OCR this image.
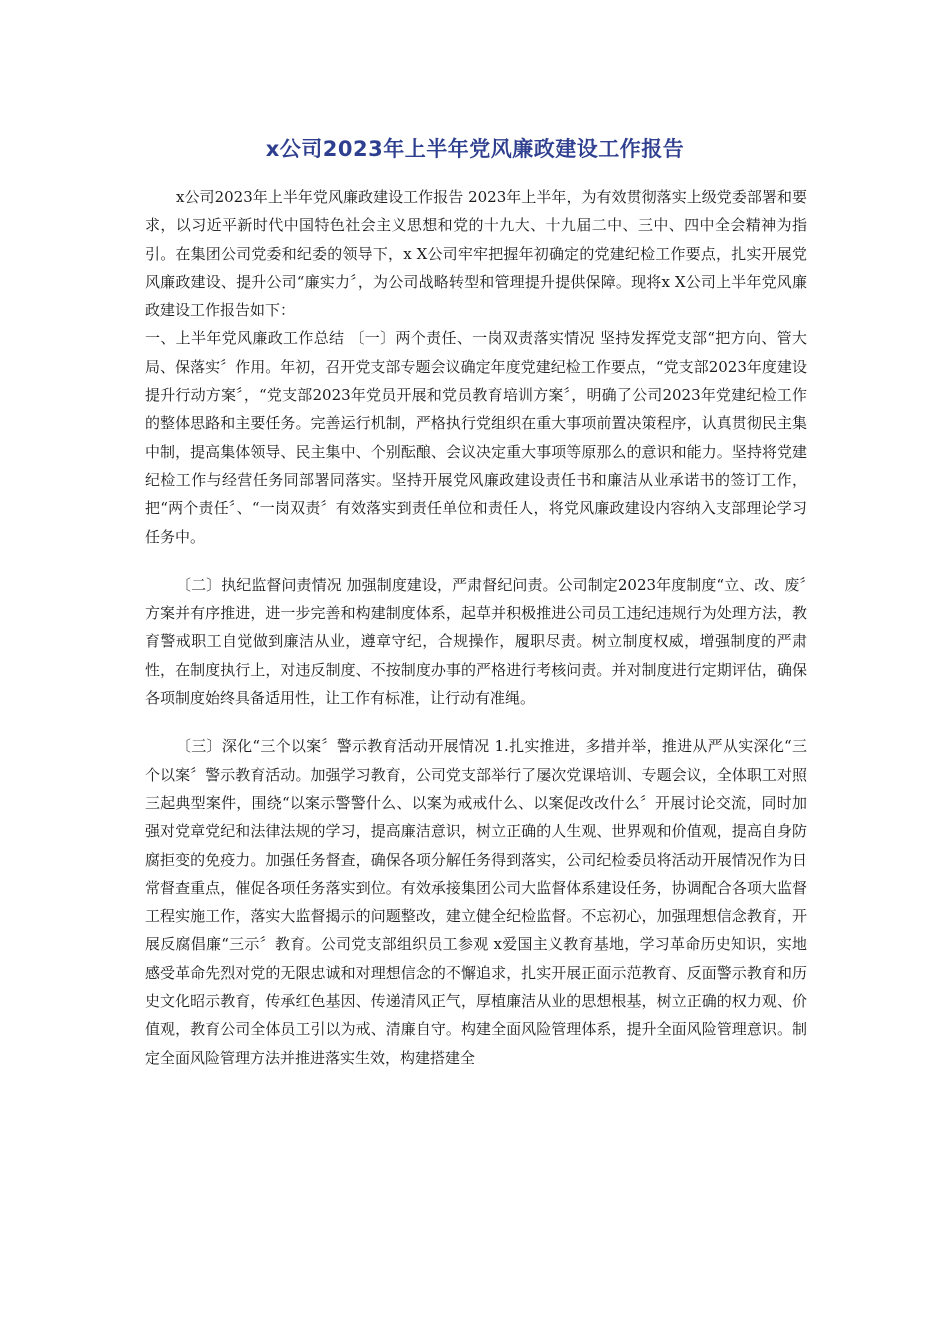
x公司2023年上半年党风廉政建设工作报告

x公司2023年上半年党风廉政建设工作报告 2023年上半年，为有效贯彻落实上级党委部署和要求，以习近平新时代中国特色社会主义思想和党的十九大、十九届二中、三中、四中全会精神为指引。在集团公司党委和纪委的领导下，x X公司牢牢把握年初确定的党建纪检工作要点，扎实开展党风廉政建设、提升公司“廉实力〞，为公司战略转型和管理提升提供保障。现将x X公司上半年党风廉政建设工作报告如下：

一、上半年党风廉政工作总结 〔一〕两个责任、一岗双责落实情况 坚持发挥党支部“把方向、管大局、保落实〞作用。年初，召开党支部专题会议确定年度党建纪检工作要点，“党支部2023年度建设提升行动方案〞，“党支部2023年党员开展和党员教育培训方案〞，明确了公司2023年党建纪检工作的整体思路和主要任务。完善运行机制，严格执行党组织在重大事项前置决策程序，认真贯彻民主集中制，提高集体领导、民主集中、个别酝酿、会议决定重大事项等原那么的意识和能力。坚持将党建纪检工作与经营任务同部署同落实。坚持开展党风廉政建设责任书和廉洁从业承诺书的签订工作，把“两个责任〞、“一岗双责〞有效落实到责任单位和责任人，将党风廉政建设内容纳入支部理论学习任务中。

〔二〕执纪监督问责情况 加强制度建设，严肃督纪问责。公司制定2023年度制度“立、改、废〞方案并有序推进，进一步完善和构建制度体系，起草并积极推进公司员工违纪违规行为处理方法，教育警戒职工自觉做到廉洁从业，遵章守纪，合规操作，履职尽责。树立制度权威，增强制度的严肃性，在制度执行上，对违反制度、不按制度办事的严格进行考核问责。并对制度进行定期评估，确保各项制度始终具备适用性，让工作有标准，让行动有准绳。

〔三〕深化“三个以案〞警示教育活动开展情况 1.扎实推进，多措并举，推进从严从实深化“三个以案〞警示教育活动。加强学习教育，公司党支部举行了屡次党课培训、专题会议，全体职工对照三起典型案件，围绕“以案示警警什么、以案为戒戒什么、以案促改改什么〞开展讨论交流，同时加强对党章党纪和法律法规的学习，提高廉洁意识，树立正确的人生观、世界观和价值观，提高自身防腐拒变的免疫力。加强任务督查，确保各项分解任务得到落实，公司纪检委员将活动开展情况作为日常督查重点，催促各项任务落实到位。有效承接集团公司大监督体系建设任务，协调配合各项大监督工程实施工作，落实大监督揭示的问题整改，建立健全纪检监督。不忘初心，加强理想信念教育，开展反腐倡廉“三示〞教育。公司党支部组织员工参观 x爱国主义教育基地，学习革命历史知识，实地感受革命先烈对党的无限忠诚和对理想信念的不懈追求，扎实开展正面示范教育、反面警示教育和历史文化昭示教育，传承红色基因、传递清风正气，厚植廉洁从业的思想根基，树立正确的权力观、价值观，教育公司全体员工引以为戒、清廉自守。构建全面风险管理体系，提升全面风险管理意识。制定全面风险管理方法并推进落实生效，构建搭建全
